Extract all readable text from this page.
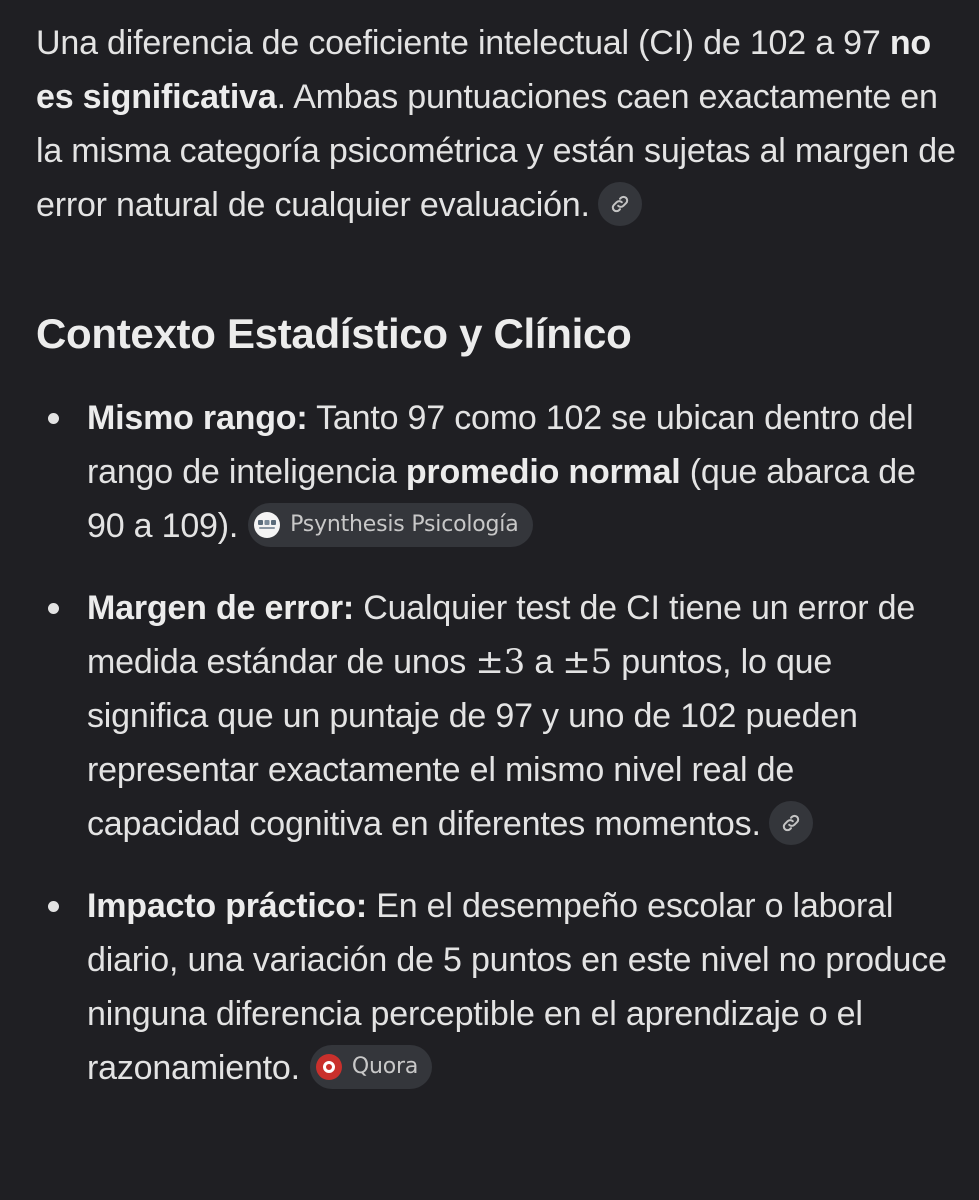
Una diferencia de coeficiente intelectual (CI) de 102 a 97 no es significativa. Ambas puntuaciones caen exactamente en la misma categoría psicométrica y están sujetas al margen de error natural de cualquier evaluación.

Contexto Estadístico y Clínico
Mismo rango: Tanto 97 como 102 se ubican dentro del rango de inteligencia promedio normal (que abarca de 90 a 109). Psynthesis Psicología
Margen de error: Cualquier test de CI tiene un error de medida estándar de unos ±3 a ±5 puntos, lo que significa que un puntaje de 97 y uno de 102 pueden representar exactamente el mismo nivel real de capacidad cognitiva en diferentes momentos.
Impacto práctico: En el desempeño escolar o laboral diario, una variación de 5 puntos en este nivel no produce ninguna diferencia perceptible en el aprendizaje o el razonamiento. Quora
